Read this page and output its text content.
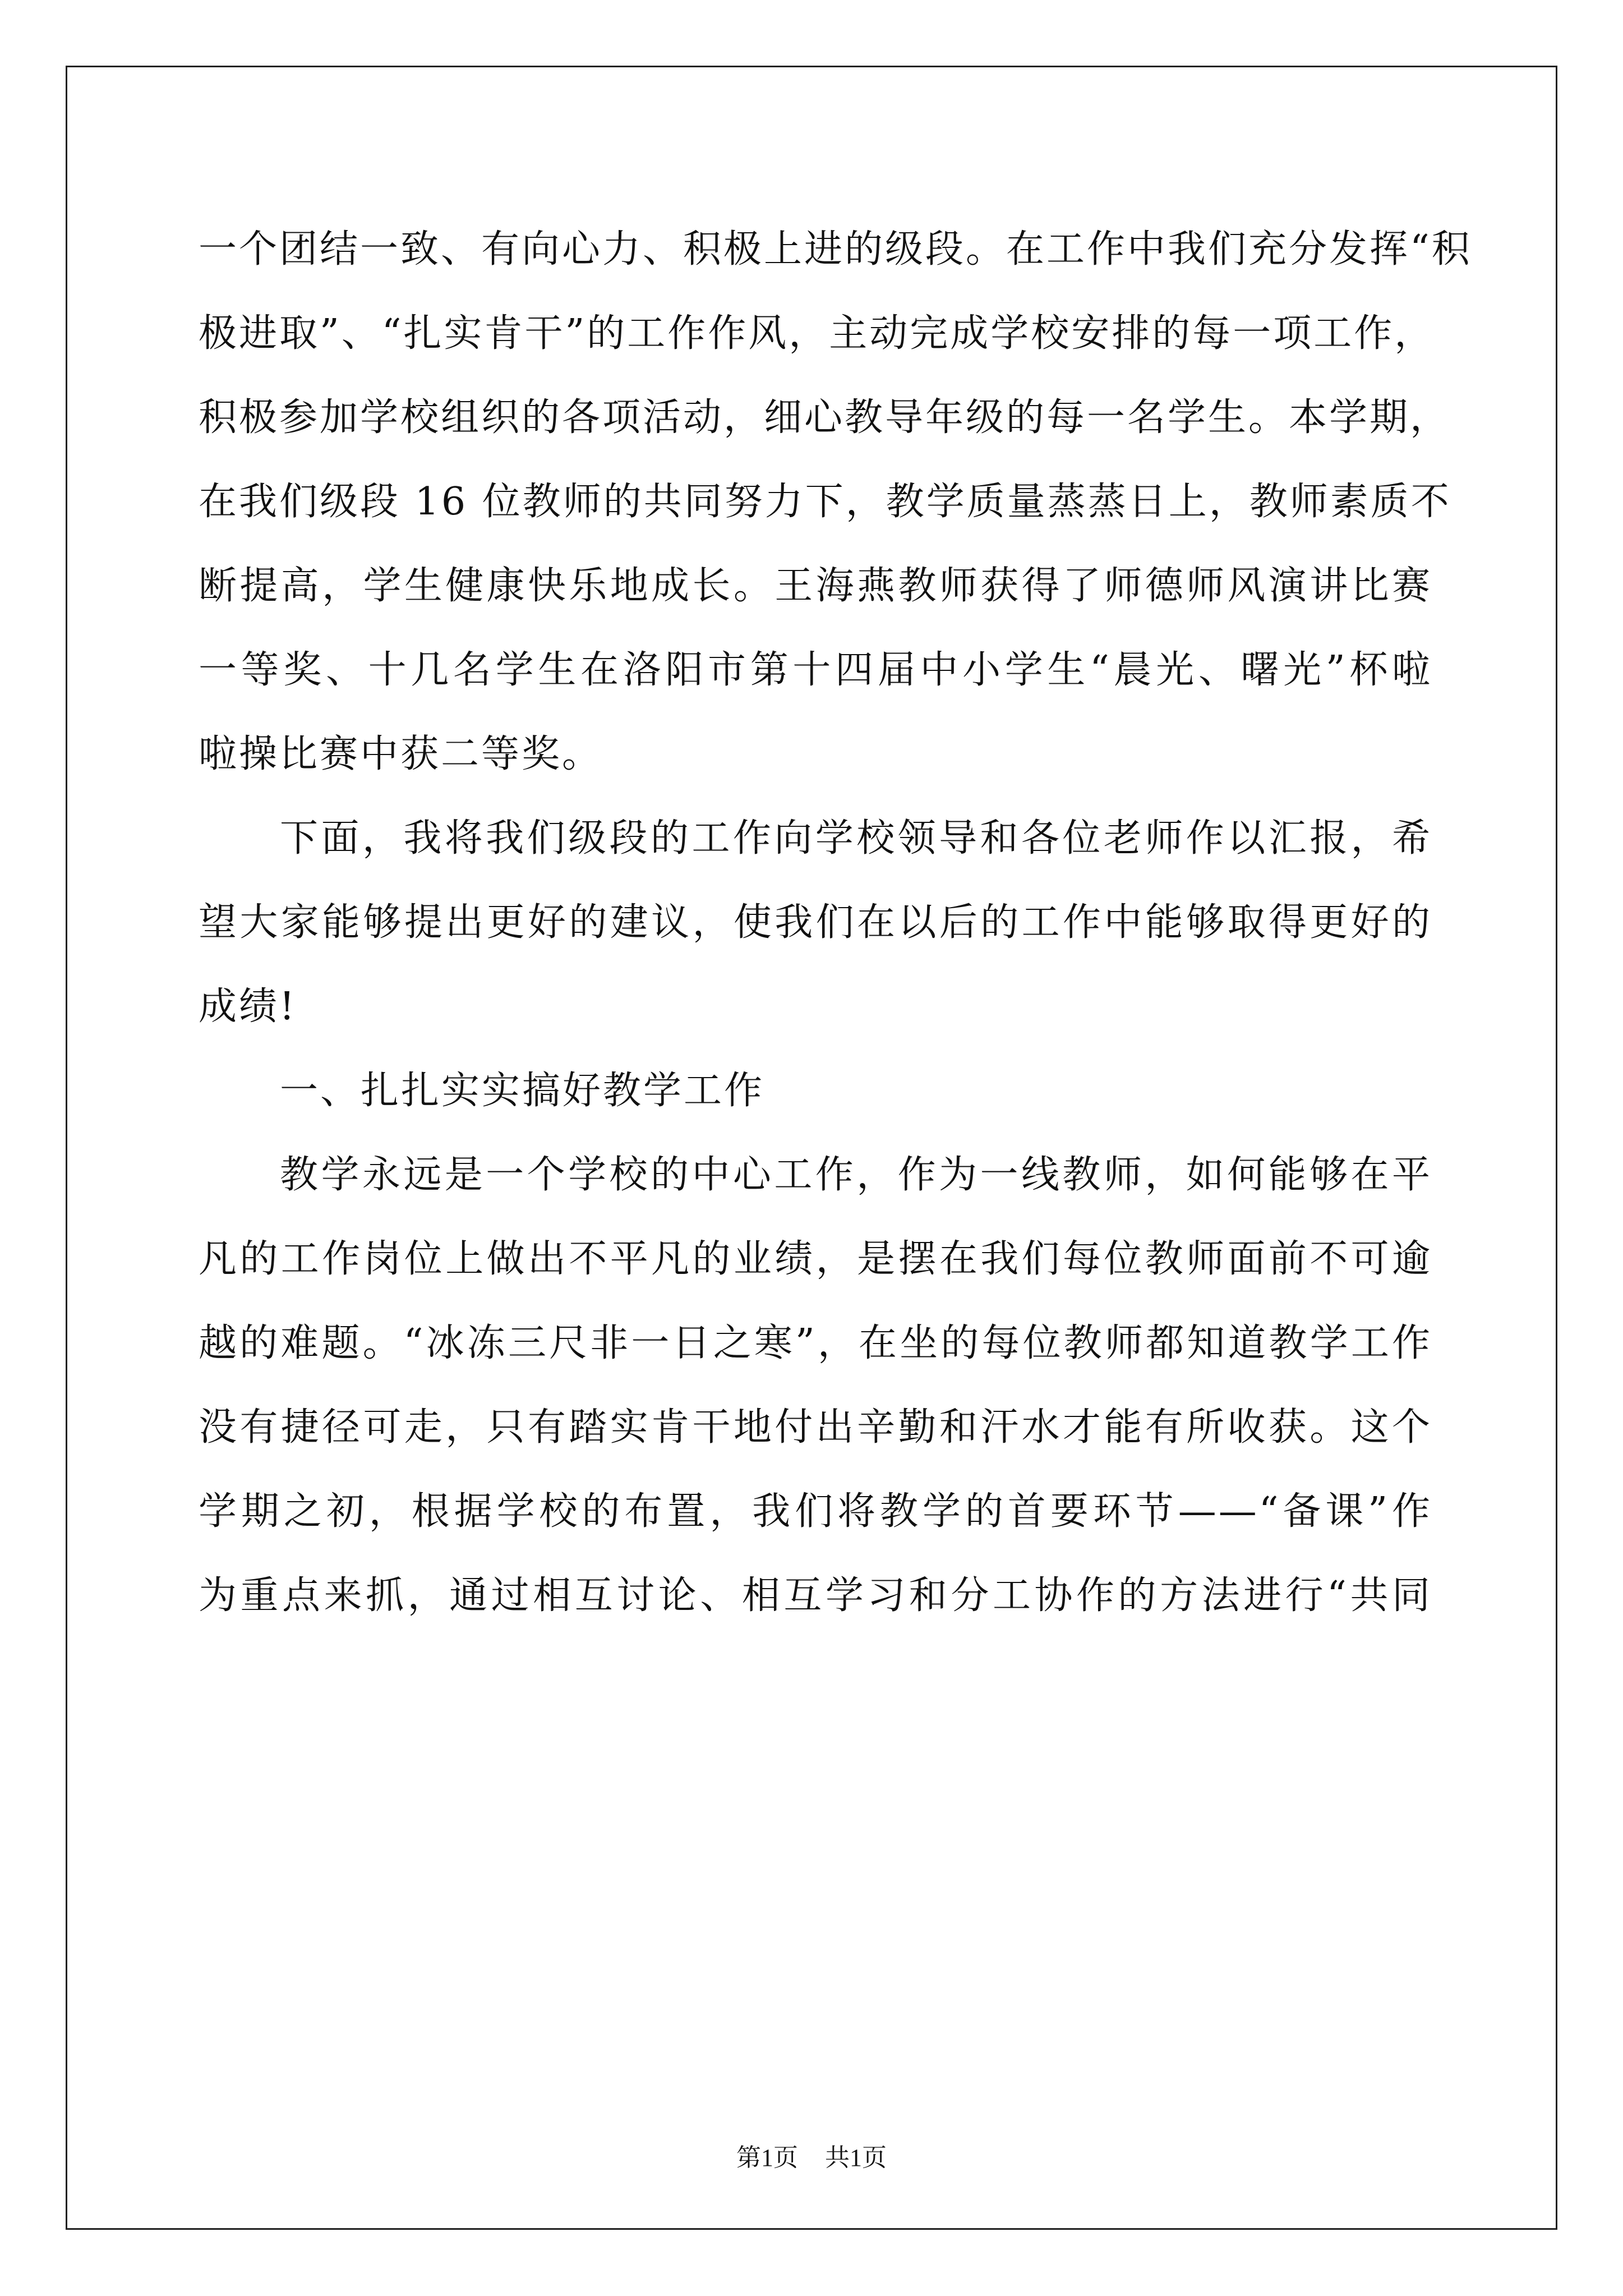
一个团结一致、有向心力、积极上进的级段。在工作中我们充分发挥“积
极进取”、“扎实肯干”的工作作风，主动完成学校安排的每一项工作，
积极参加学校组织的各项活动，细心教导年级的每一名学生。本学期，
在我们级段 16 位教师的共同努力下，教学质量蒸蒸日上，教师素质不
断提高，学生健康快乐地成长。王海燕教师获得了师德师风演讲比赛
一等奖、十几名学生在洛阳市第十四届中小学生“晨光、曙光”杯啦
啦操比赛中获二等奖。
下面，我将我们级段的工作向学校领导和各位老师作以汇报，希
望大家能够提出更好的建议，使我们在以后的工作中能够取得更好的
成绩!
一、扎扎实实搞好教学工作
教学永远是一个学校的中心工作，作为一线教师，如何能够在平
凡的工作岗位上做出不平凡的业绩，是摆在我们每位教师面前不可逾
越的难题。“冰冻三尺非一日之寒”，在坐的每位教师都知道教学工作
没有捷径可走，只有踏实肯干地付出辛勤和汗水才能有所收获。这个
学期之初，根据学校的布置，我们将教学的首要环节——“备课”作
为重点来抓，通过相互讨论、相互学习和分工协作的方法进行“共同
第1页 共1页
